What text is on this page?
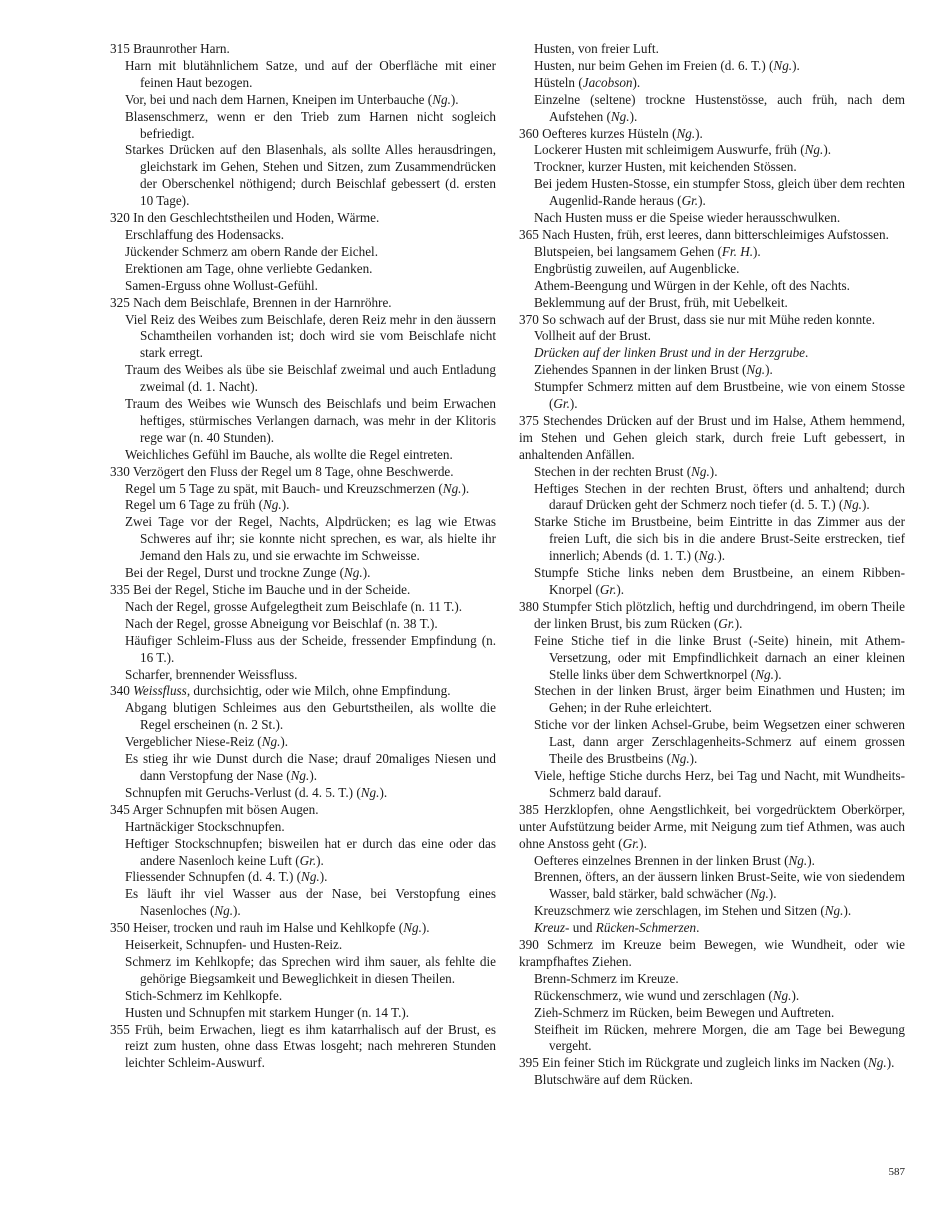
315 Braunrother Harn.

Harn mit blutähnlichem Satze, und auf der Oberfläche mit einer feinen Haut bezogen.

Vor, bei und nach dem Harnen, Kneipen im Unterbauche (Ng.).

Blasenschmerz, wenn er den Trieb zum Harnen nicht sogleich befriedigt.

Starkes Drücken auf den Blasenhals, als sollte Alles herausdringen, gleichstark im Gehen, Stehen und Sitzen, zum Zusammendrücken der Oberschenkel nöthigend; durch Beischlaf gebessert (d. ersten 10 Tage).

320 In den Geschlechtstheilen und Hoden, Wärme.

Erschlaffung des Hodensacks.

Jückender Schmerz am obern Rande der Eichel.

Erektionen am Tage, ohne verliebte Gedanken.

Samen-Erguss ohne Wollust-Gefühl.

325 Nach dem Beischlafe, Brennen in der Harnröhre.

Viel Reiz des Weibes zum Beischlafe, deren Reiz mehr in den äussern Schamtheilen vorhanden ist; doch wird sie vom Beischlafe nicht stark erregt.

Traum des Weibes als übe sie Beischlaf zweimal und auch Entladung zweimal (d. 1. Nacht).

Traum des Weibes wie Wunsch des Beischlafs und beim Erwachen heftiges, stürmisches Verlangen darnach, was mehr in der Klitoris rege war (n. 40 Stunden).

Weichliches Gefühl im Bauche, als wollte die Regel eintreten.

330 Verzögert den Fluss der Regel um 8 Tage, ohne Beschwerde.

Regel um 5 Tage zu spät, mit Bauch- und Kreuzschmerzen (Ng.).

Regel um 6 Tage zu früh (Ng.).

Zwei Tage vor der Regel, Nachts, Alpdrücken; es lag wie Etwas Schweres auf ihr; sie konnte nicht sprechen, es war, als hielte ihr Jemand den Hals zu, und sie erwachte im Schweisse.

Bei der Regel, Durst und trockne Zunge (Ng.).

335 Bei der Regel, Stiche im Bauche und in der Scheide.

Nach der Regel, grosse Aufgelegtheit zum Beischlafe (n. 11 T.).

Nach der Regel, grosse Abneigung vor Beischlaf (n. 38 T.).

Häufiger Schleim-Fluss aus der Scheide, fressender Empfindung (n. 16 T.).

Scharfer, brennender Weissfluss.

340 Weissfluss, durchsichtig, oder wie Milch, ohne Empfindung.

Abgang blutigen Schleimes aus den Geburtstheilen, als wollte die Regel erscheinen (n. 2 St.).

Vergeblicher Niese-Reiz (Ng.).

Es stieg ihr wie Dunst durch die Nase; drauf 20maliges Niesen und dann Verstopfung der Nase (Ng.).

Schnupfen mit Geruchs-Verlust (d. 4. 5. T.) (Ng.).

345 Arger Schnupfen mit bösen Augen.

Hartnäckiger Stockschnupfen.

Heftiger Stockschnupfen; bisweilen hat er durch das eine oder das andere Nasenloch keine Luft (Gr.).

Fliessender Schnupfen (d. 4. T.) (Ng.).

Es läuft ihr viel Wasser aus der Nase, bei Verstopfung eines Nasenloches (Ng.).

350 Heiser, trocken und rauh im Halse und Kehlkopfe (Ng.).

Heiserkeit, Schnupfen- und Husten-Reiz.

Schmerz im Kehlkopfe; das Sprechen wird ihm sauer, als fehlte die gehörige Biegsamkeit und Beweglichkeit in diesen Theilen.

Stich-Schmerz im Kehlkopfe.

Husten und Schnupfen mit starkem Hunger (n. 14 T.).

355 Früh, beim Erwachen, liegt es ihm katarrhalisch auf der Brust, es reizt zum husten, ohne dass Etwas losgeht; nach mehreren Stunden leichter Schleim-Auswurf.

Husten, von freier Luft.

Husten, nur beim Gehen im Freien (d. 6. T.) (Ng.).

Hüsteln (Jacobson).

Einzelne (seltene) trockne Hustenstösse, auch früh, nach dem Aufstehen (Ng.).

360 Oefteres kurzes Hüsteln (Ng.).

Lockerer Husten mit schleimigem Auswurfe, früh (Ng.).

Trockner, kurzer Husten, mit keichenden Stössen.

Bei jedem Husten-Stosse, ein stumpfer Stoss, gleich über dem rechten Augenlid-Rande heraus (Gr.).

Nach Husten muss er die Speise wieder herausschwulken.

365 Nach Husten, früh, erst leeres, dann bitterschleimiges Aufstossen.

Blutspeien, bei langsamem Gehen (Fr. H.).

Engbrüstig zuweilen, auf Augenblicke.

Athem-Beengung und Würgen in der Kehle, oft des Nachts.

Beklemmung auf der Brust, früh, mit Uebelkeit.

370 So schwach auf der Brust, dass sie nur mit Mühe reden konnte.

Vollheit auf der Brust.

Drücken auf der linken Brust und in der Herzgrube.

Ziehendes Spannen in der linken Brust (Ng.).

Stumpfer Schmerz mitten auf dem Brustbeine, wie von einem Stosse (Gr.).

375 Stechendes Drücken auf der Brust und im Halse, Athem hemmend, im Stehen und Gehen gleich stark, durch freie Luft gebessert, in anhaltenden Anfällen.

Stechen in der rechten Brust (Ng.).

Heftiges Stechen in der rechten Brust, öfters und anhaltend; durch darauf Drücken geht der Schmerz noch tiefer (d. 5. T.) (Ng.).

Starke Stiche im Brustbeine, beim Eintritte in das Zimmer aus der freien Luft, die sich bis in die andere Brust-Seite erstrecken, tief innerlich; Abends (d. 1. T.) (Ng.).

Stumpfe Stiche links neben dem Brustbeine, an einem Ribben-Knorpel (Gr.).

380 Stumpfer Stich plötzlich, heftig und durchdringend, im obern Theile der linken Brust, bis zum Rücken (Gr.).

Feine Stiche tief in die linke Brust (-Seite) hinein, mit Athem-Versetzung, oder mit Empfindlichkeit darnach an einer kleinen Stelle links über dem Schwertknorpel (Ng.).

Stechen in der linken Brust, ärger beim Einathmen und Husten; im Gehen; in der Ruhe erleichtert.

Stiche vor der linken Achsel-Grube, beim Wegsetzen einer schweren Last, dann arger Zerschlagenheits-Schmerz auf einem grossen Theile des Brustbeins (Ng.).

Viele, heftige Stiche durchs Herz, bei Tag und Nacht, mit Wundheits-Schmerz bald darauf.

385 Herzklopfen, ohne Aengstlichkeit, bei vorgedrücktem Oberkörper, unter Aufstützung beider Arme, mit Neigung zum tief Athmen, was auch ohne Anstoss geht (Gr.).

Oefteres einzelnes Brennen in der linken Brust (Ng.).

Brennen, öfters, an der äussern linken Brust-Seite, wie von siedendem Wasser, bald stärker, bald schwächer (Ng.).

Kreuzschmerz wie zerschlagen, im Stehen und Sitzen (Ng.).

Kreuz- und Rücken-Schmerzen.

390 Schmerz im Kreuze beim Bewegen, wie Wundheit, oder wie krampfhaftes Ziehen.

Brenn-Schmerz im Kreuze.

Rückenschmerz, wie wund und zerschlagen (Ng.).

Zieh-Schmerz im Rücken, beim Bewegen und Auftreten.

Steifheit im Rücken, mehrere Morgen, die am Tage bei Bewegung vergeht.

395 Ein feiner Stich im Rückgrate und zugleich links im Nacken (Ng.).

Blutschwäre auf dem Rücken.

587
